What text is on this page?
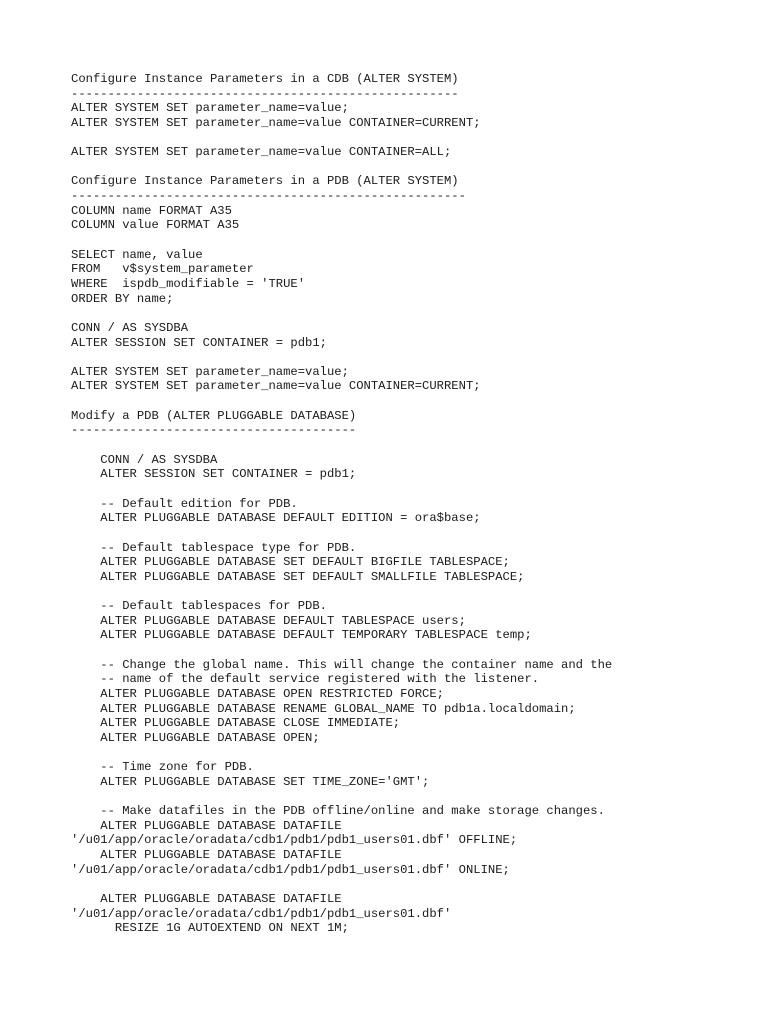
Configure Instance Parameters in a CDB (ALTER SYSTEM)
-----------------------------------------------------
ALTER SYSTEM SET parameter_name=value;
ALTER SYSTEM SET parameter_name=value CONTAINER=CURRENT;
ALTER SYSTEM SET parameter_name=value CONTAINER=ALL;
Configure Instance Parameters in a PDB (ALTER SYSTEM)
------------------------------------------------------
COLUMN name FORMAT A35
COLUMN value FORMAT A35
SELECT name, value
FROM   v$system_parameter
WHERE  ispdb_modifiable = 'TRUE'
ORDER BY name;
CONN / AS SYSDBA
ALTER SESSION SET CONTAINER = pdb1;
ALTER SYSTEM SET parameter_name=value;
ALTER SYSTEM SET parameter_name=value CONTAINER=CURRENT;
Modify a PDB (ALTER PLUGGABLE DATABASE)
---------------------------------------
CONN / AS SYSDBA
ALTER SESSION SET CONTAINER = pdb1;
-- Default edition for PDB.
ALTER PLUGGABLE DATABASE DEFAULT EDITION = ora$base;
-- Default tablespace type for PDB.
ALTER PLUGGABLE DATABASE SET DEFAULT BIGFILE TABLESPACE;
ALTER PLUGGABLE DATABASE SET DEFAULT SMALLFILE TABLESPACE;
-- Default tablespaces for PDB.
ALTER PLUGGABLE DATABASE DEFAULT TABLESPACE users;
ALTER PLUGGABLE DATABASE DEFAULT TEMPORARY TABLESPACE temp;
-- Change the global name. This will change the container name and the
-- name of the default service registered with the listener.
ALTER PLUGGABLE DATABASE OPEN RESTRICTED FORCE;
ALTER PLUGGABLE DATABASE RENAME GLOBAL_NAME TO pdb1a.localdomain;
ALTER PLUGGABLE DATABASE CLOSE IMMEDIATE;
ALTER PLUGGABLE DATABASE OPEN;
-- Time zone for PDB.
ALTER PLUGGABLE DATABASE SET TIME_ZONE='GMT';
-- Make datafiles in the PDB offline/online and make storage changes.
ALTER PLUGGABLE DATABASE DATAFILE
'/u01/app/oracle/oradata/cdb1/pdb1/pdb1_users01.dbf' OFFLINE;
ALTER PLUGGABLE DATABASE DATAFILE
'/u01/app/oracle/oradata/cdb1/pdb1/pdb1_users01.dbf' ONLINE;
ALTER PLUGGABLE DATABASE DATAFILE
'/u01/app/oracle/oradata/cdb1/pdb1/pdb1_users01.dbf'
RESIZE 1G AUTOEXTEND ON NEXT 1M;
